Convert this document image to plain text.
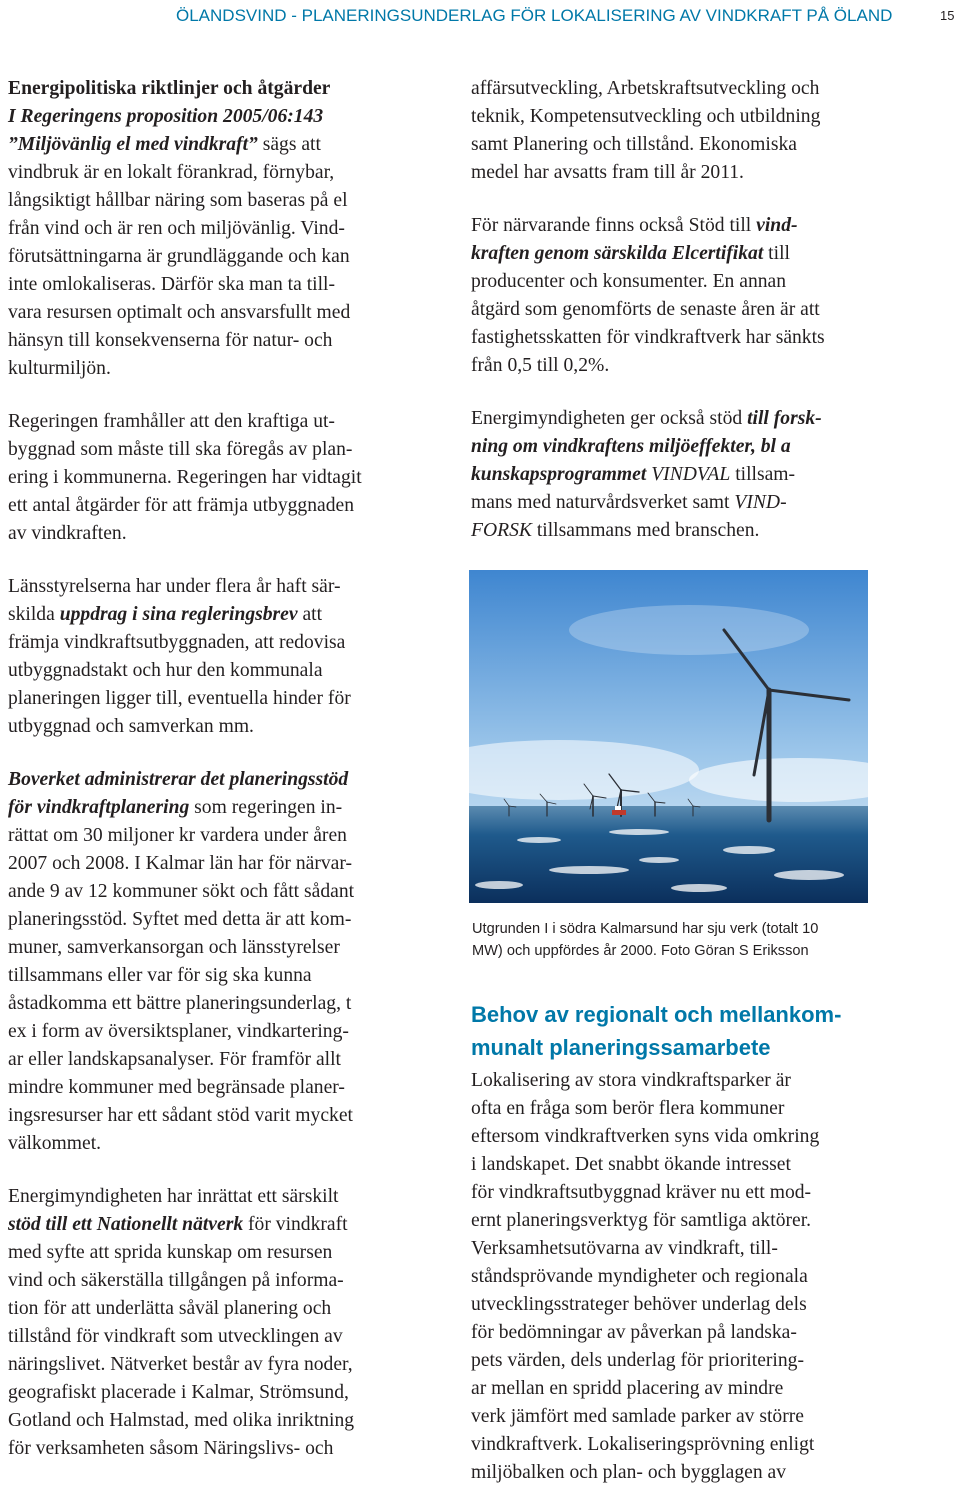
ÖLANDSVIND - PLANERINGSUNDERLAG FÖR LOKALISERING AV VINDKRAFT PÅ ÖLAND	15

Energipolitiska riktlinjer och åtgärder
I Regeringens proposition 2005/06:143
”Miljövänlig el med vindkraft” sägs att
vindbruk är en lokalt förankrad, förnybar,
långsiktigt hållbar näring som baseras på el
från vind och är ren och miljövänlig. Vind-
förutsättningarna är grundläggande och kan
inte omlokaliseras. Därför ska man ta till-
vara resursen optimalt och ansvarsfullt med
hänsyn till konsekvenserna för natur- och
kulturmiljön.

Regeringen framhåller att den kraftiga ut-
byggnad som måste till ska föregås av plan-
ering i kommunerna. Regeringen har vidtagit
ett antal åtgärder för att främja utbyggnaden
av vindkraften.

Länsstyrelserna har under flera år haft sär-
skilda uppdrag i sina regleringsbrev att
främja vindkraftsutbyggnaden, att redovisa
utbyggnadstakt och hur den kommunala
planeringen ligger till, eventuella hinder för
utbyggnad och samverkan mm.

Boverket administrerar det planeringsstöd
för vindkraftplanering som regeringen in-
rättat om 30 miljoner kr vardera under åren
2007 och 2008. I Kalmar län har för närvar-
ande 9 av 12 kommuner sökt och fått sådant
planeringsstöd. Syftet med detta är att kom-
muner, samverkansorgan och länsstyrelser
tillsammans eller var för sig ska kunna
åstadkomma ett bättre planeringsunderlag, t
ex i form av översiktsplaner, vindkartering-
ar eller landskapsanalyser. För framför allt
mindre kommuner med begränsade planer-
ingsresurser har ett sådant stöd varit mycket
välkommet.

Energimyndigheten har inrättat ett särskilt
stöd till ett Nationellt nätverk för vindkraft
med syfte att sprida kunskap om resursen
vind och säkerställa tillgången på informa-
tion för att underlätta såväl planering och
tillstånd för vindkraft som utvecklingen av
näringslivet. Nätverket består av fyra noder,
geografiskt placerade i Kalmar, Strömsund,
Gotland och Halmstad, med olika inriktning
för verksamheten såsom Näringslivs- och

affärsutveckling, Arbetskraftsutveckling och
teknik, Kompetensutveckling och utbildning
samt Planering och tillstånd. Ekonomiska
medel har avsatts fram till år 2011.

För närvarande finns också Stöd till vind-
kraften genom särskilda Elcertifikat till
producenter och konsumenter. En annan
åtgärd som genomförts de senaste åren är att
fastighetsskatten för vindkraftverk har sänkts
från 0,5 till 0,2%.

Energimyndigheten ger också stöd till forsk-
ning om vindkraftens miljöeffekter, bl a
kunskapsprogrammet VINDVAL tillsam-
mans med naturvårdsverket samt VIND-
FORSK tillsammans med branschen.

Utgrunden I i södra Kalmarsund har sju verk (totalt 10
MW) och uppfördes år 2000. Foto Göran S Eriksson
Behov av regionalt och mellankom-
munalt planeringssamarbete

Lokalisering av stora vindkraftsparker är
ofta en fråga som berör flera kommuner
eftersom vindkraftverken syns vida omkring
i landskapet. Det snabbt ökande intresset
för vindkraftsutbyggnad kräver nu ett mod-
ernt planeringsverktyg för samtliga aktörer.
Verksamhetsutövarna av vindkraft, till-
ståndsprövande myndigheter och regionala
utvecklingsstrateger behöver underlag dels
för bedömningar av påverkan på landska-
pets värden, dels underlag för prioritering-
ar mellan en spridd placering av mindre
verk jämfört med samlade parker av större
vindkraftverk. Lokaliseringsprövning enligt
miljöbalken och plan- och bygglagen av
